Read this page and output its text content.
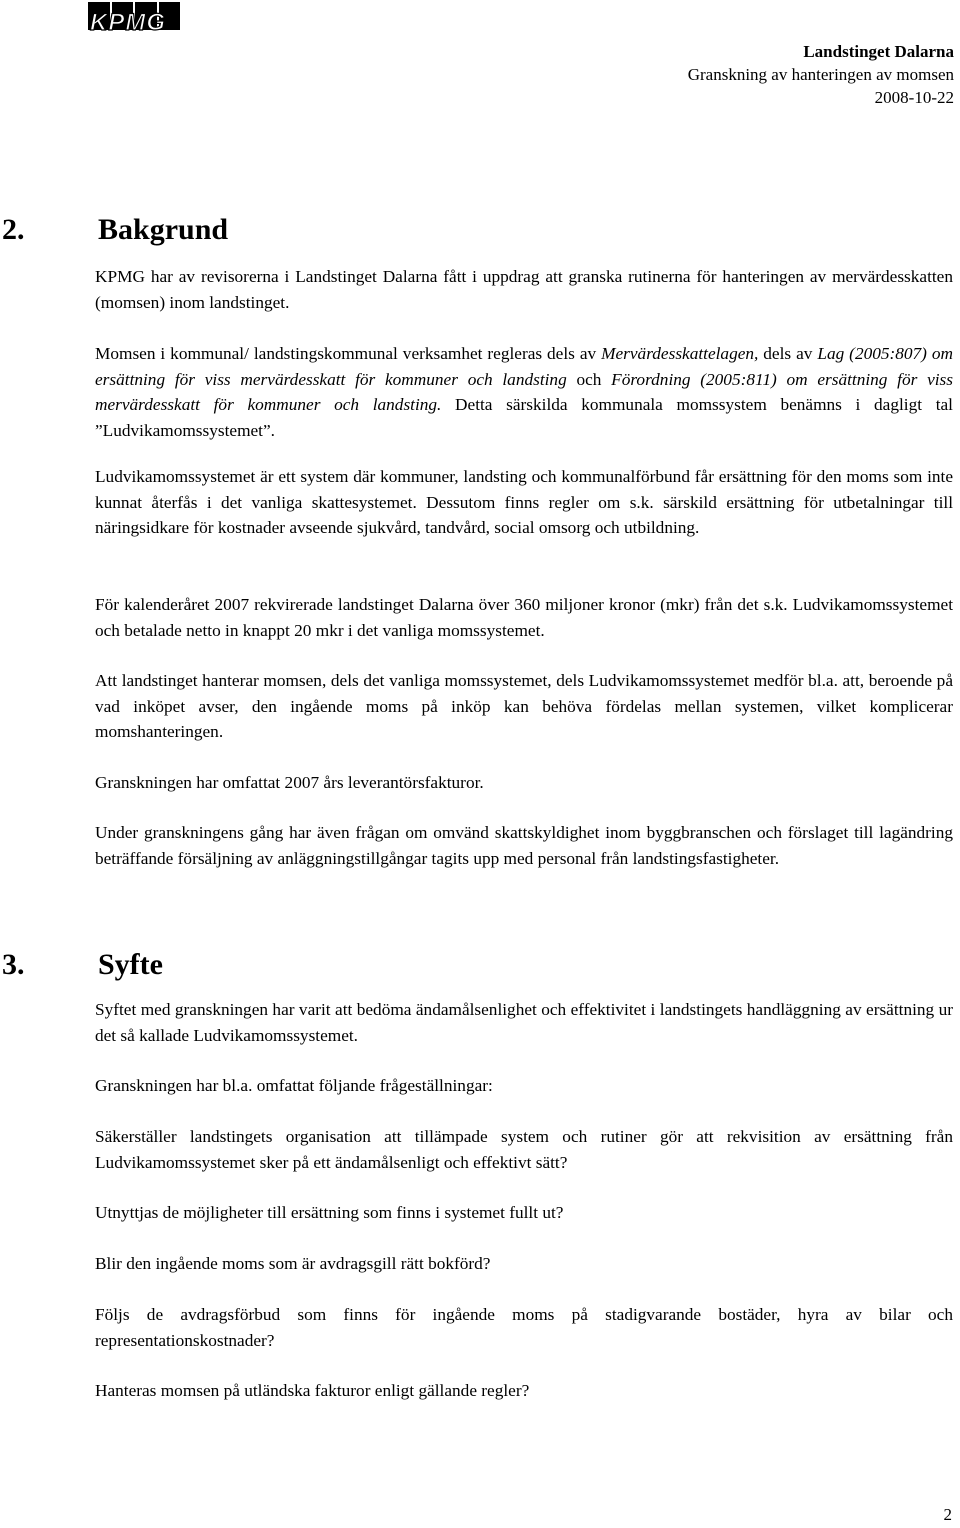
KPMG
Landstinget Dalarna
Granskning av hanteringen av momsen
2008-10-22
2. Bakgrund

KPMG har av revisorerna i Landstinget Dalarna fått i uppdrag att granska rutinerna för hanteringen av mervärdesskatten (momsen) inom landstinget.

Momsen i kommunal/ landstingskommunal verksamhet regleras dels av Mervärdesskattelagen, dels av Lag (2005:807) om ersättning för viss mervärdesskatt för kommuner och landsting och Förordning (2005:811) om ersättning för viss mervärdesskatt för kommuner och landsting. Detta särskilda kommunala momssystem benämns i dagligt tal ”Ludvikamomssystemet”.

Ludvikamomssystemet är ett system där kommuner, landsting och kommunalförbund får ersättning för den moms som inte kunnat återfås i det vanliga skattesystemet. Dessutom finns regler om s.k. särskild ersättning för utbetalningar till näringsidkare för kostnader avseende sjukvård, tandvård, social omsorg och utbildning.

För kalenderåret 2007 rekvirerade landstinget Dalarna över 360 miljoner kronor (mkr) från det s.k. Ludvikamomssystemet och betalade netto in knappt 20 mkr i det vanliga momssystemet.

Att landstinget hanterar momsen, dels det vanliga momssystemet, dels Ludvikamomssystemet medför bl.a. att, beroende på vad inköpet avser, den ingående moms på inköp kan behöva fördelas mellan systemen, vilket komplicerar momshanteringen.

Granskningen har omfattat 2007 års leverantörsfakturor.

Under granskningens gång har även frågan om omvänd skattskyldighet inom byggbranschen och förslaget till lagändring beträffande försäljning av anläggningstillgångar tagits upp med personal från landstingsfastigheter.

3. Syfte

Syftet med granskningen har varit att bedöma ändamålsenlighet och effektivitet i landstingets handläggning av ersättning ur det så kallade Ludvikamomssystemet.

Granskningen har bl.a. omfattat följande frågeställningar:

Säkerställer landstingets organisation att tillämpade system och rutiner gör att rekvisition av ersättning från Ludvikamomssystemet sker på ett ändamålsenligt och effektivt sätt?

Utnyttjas de möjligheter till ersättning som finns i systemet fullt ut?

Blir den ingående moms som är avdragsgill rätt bokförd?

Följs de avdragsförbud som finns för ingående moms på stadigvarande bostäder, hyra av bilar och representationskostnader?

Hanteras momsen på utländska fakturor enligt gällande regler?

2
